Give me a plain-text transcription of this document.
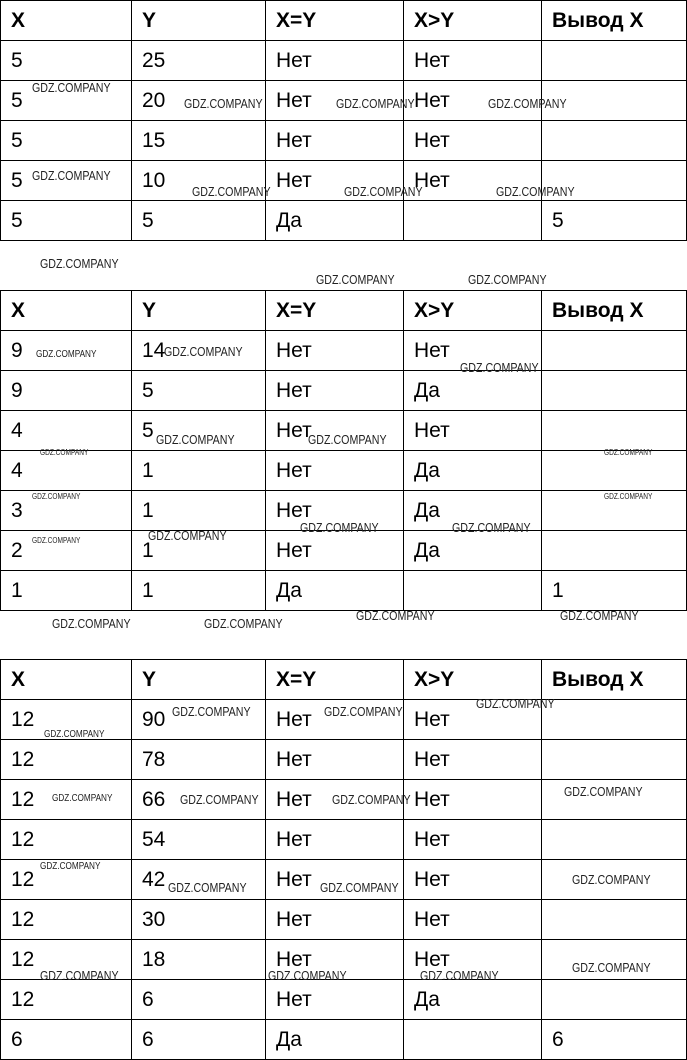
X	Y	X=Y	X>Y	Вывод X
5	25	Нет	Нет	
5	20	Нет	Нет	
5	15	Нет	Нет	
5	10	Нет	Нет	
5	5	Да		5
X	Y	X=Y	X>Y	Вывод X
9	14	Нет	Нет	
9	5	Нет	Да	
4	5	Нет	Нет	
4	1	Нет	Да	
3	1	Нет	Да	
2	1	Нет	Да	
1	1	Да		1
X	Y	X=Y	X>Y	Вывод X
12	90	Нет	Нет	
12	78	Нет	Нет	
12	66	Нет	Нет	
12	54	Нет	Нет	
12	42	Нет	Нет	
12	30	Нет	Нет	
12	18	Нет	Нет	
12	6	Нет	Да	
6	6	Да		6
GDZ.COMPANY
GDZ.COMPANY	GDZ.COMPANY	GDZ.COMPANY
GDZ.COMPANY
GDZ.COMPANY	GDZ.COMPANY	GDZ.COMPANY
GDZ.COMPANY
GDZ.COMPANY	GDZ.COMPANY
GDZ.COMPANY	GDZ.COMPANY
GDZ.COMPANY
GDZ.COMPANY	GDZ.COMPANY
GDZ.COMPANY	GDZ.COMPANY
GDZ.COMPANY	GDZ.COMPANY
GDZ.COMPANY	GDZ.COMPANY
GDZ.COMPANY
GDZ.COMPANY
GDZ.COMPANY	GDZ.COMPANY
GDZ.COMPANY	GDZ.COMPANY
GDZ.COMPANY
GDZ.COMPANY	GDZ.COMPANY
GDZ.COMPANY
GDZ.COMPANY
GDZ.COMPANY	GDZ.COMPANY	GDZ.COMPANY
GDZ.COMPANY
GDZ.COMPANY
GDZ.COMPANY	GDZ.COMPANY
GDZ.COMPANY
GDZ.COMPANY	GDZ.COMPANY	GDZ.COMPANY
